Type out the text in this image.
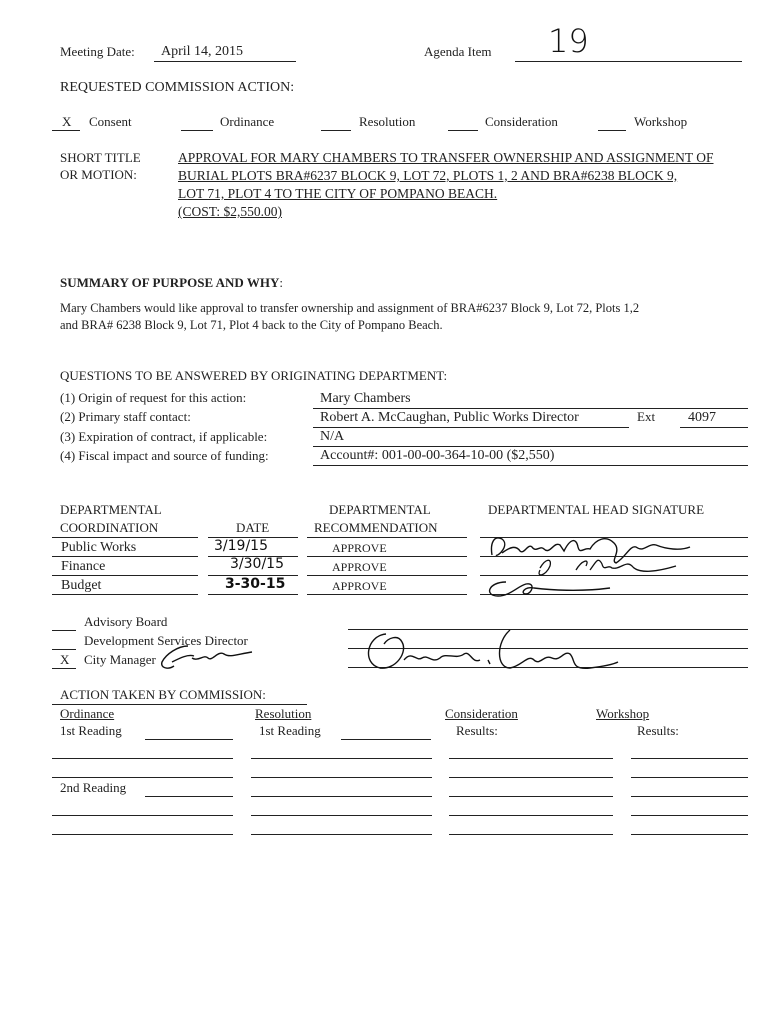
Meeting Date: April 14, 2015	Agenda Item 19
REQUESTED COMMISSION ACTION:
X Consent	Ordinance	Resolution	Consideration	Workshop
SHORT TITLE
OR MOTION:
APPROVAL FOR MARY CHAMBERS TO TRANSFER OWNERSHIP AND ASSIGNMENT OF
BURIAL PLOTS BRA#6237 BLOCK 9, LOT 72, PLOTS 1, 2 AND BRA#6238 BLOCK 9,
LOT 71, PLOT 4 TO THE CITY OF POMPANO BEACH.
(COST: $2,550.00)
SUMMARY OF PURPOSE AND WHY:
Mary Chambers would like approval to transfer ownership and assignment of BRA#6237 Block 9, Lot 72, Plots 1,2
and BRA# 6238 Block 9, Lot 71, Plot 4 back to the City of Pompano Beach.
QUESTIONS TO BE ANSWERED BY ORIGINATING DEPARTMENT:
(1) Origin of request for this action:	Mary Chambers
(2) Primary staff contact:	Robert A. McCaughan, Public Works Director	Ext 4097
(3) Expiration of contract, if applicable:	N/A
(4) Fiscal impact and source of funding:	Account#: 001-00-00-364-10-00 ($2,550)
DEPARTMENTAL
COORDINATION	DATE
DEPARTMENTAL
RECOMMENDATION
DEPARTMENTAL HEAD SIGNATURE
Public Works	3/19/15	APPROVE
Finance	3/30/15	APPROVE
Budget	3-30-15	APPROVE
Advisory Board
Development Services Director
X City Manager
ACTION TAKEN BY COMMISSION:
Ordinance
1st Reading
2nd Reading
Resolution
1st Reading
Consideration
Results:
Workshop
Results:
